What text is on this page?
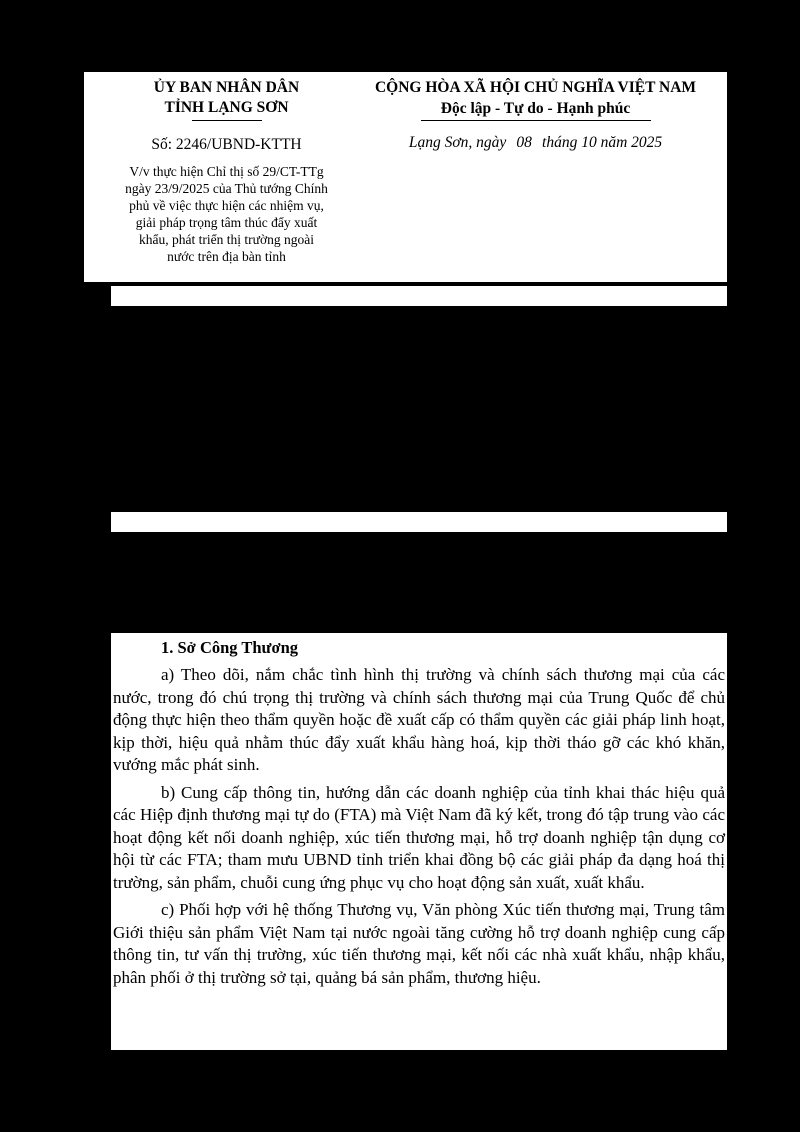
ỦY BAN NHÂN DÂN
TỈNH LẠNG SƠN
Số: 2246/UBND-KTTH
V/v thực hiện Chỉ thị số 29/CT-TTg
ngày 23/9/2025 của Thủ tướng Chính
phủ về việc thực hiện các nhiệm vụ,
giải pháp trọng tâm thúc đẩy xuất
khẩu, phát triển thị trường ngoài
nước trên địa bàn tỉnh
CỘNG HÒA XÃ HỘI CHỦ NGHĨA VIỆT NAM
Độc lập - Tự do - Hạnh phúc
Lạng Sơn, ngày 08 tháng 10 năm 2025
1. Sở Công Thương

a) Theo dõi, nắm chắc tình hình thị trường và chính sách thương mại của các nước, trong đó chú trọng thị trường và chính sách thương mại của Trung Quốc để chủ động thực hiện theo thẩm quyền hoặc đề xuất cấp có thẩm quyền các giải pháp linh hoạt, kịp thời, hiệu quả nhằm thúc đẩy xuất khẩu hàng hoá, kịp thời tháo gỡ các khó khăn, vướng mắc phát sinh.

b) Cung cấp thông tin, hướng dẫn các doanh nghiệp của tỉnh khai thác hiệu quả các Hiệp định thương mại tự do (FTA) mà Việt Nam đã ký kết, trong đó tập trung vào các hoạt động kết nối doanh nghiệp, xúc tiến thương mại, hỗ trợ doanh nghiệp tận dụng cơ hội từ các FTA; tham mưu UBND tỉnh triển khai đồng bộ các giải pháp đa dạng hoá thị trường, sản phẩm, chuỗi cung ứng phục vụ cho hoạt động sản xuất, xuất khẩu.

c) Phối hợp với hệ thống Thương vụ, Văn phòng Xúc tiến thương mại, Trung tâm Giới thiệu sản phẩm Việt Nam tại nước ngoài tăng cường hỗ trợ doanh nghiệp cung cấp thông tin, tư vấn thị trường, xúc tiến thương mại, kết nối các nhà xuất khẩu, nhập khẩu, phân phối ở thị trường sở tại, quảng bá sản phẩm, thương hiệu.
